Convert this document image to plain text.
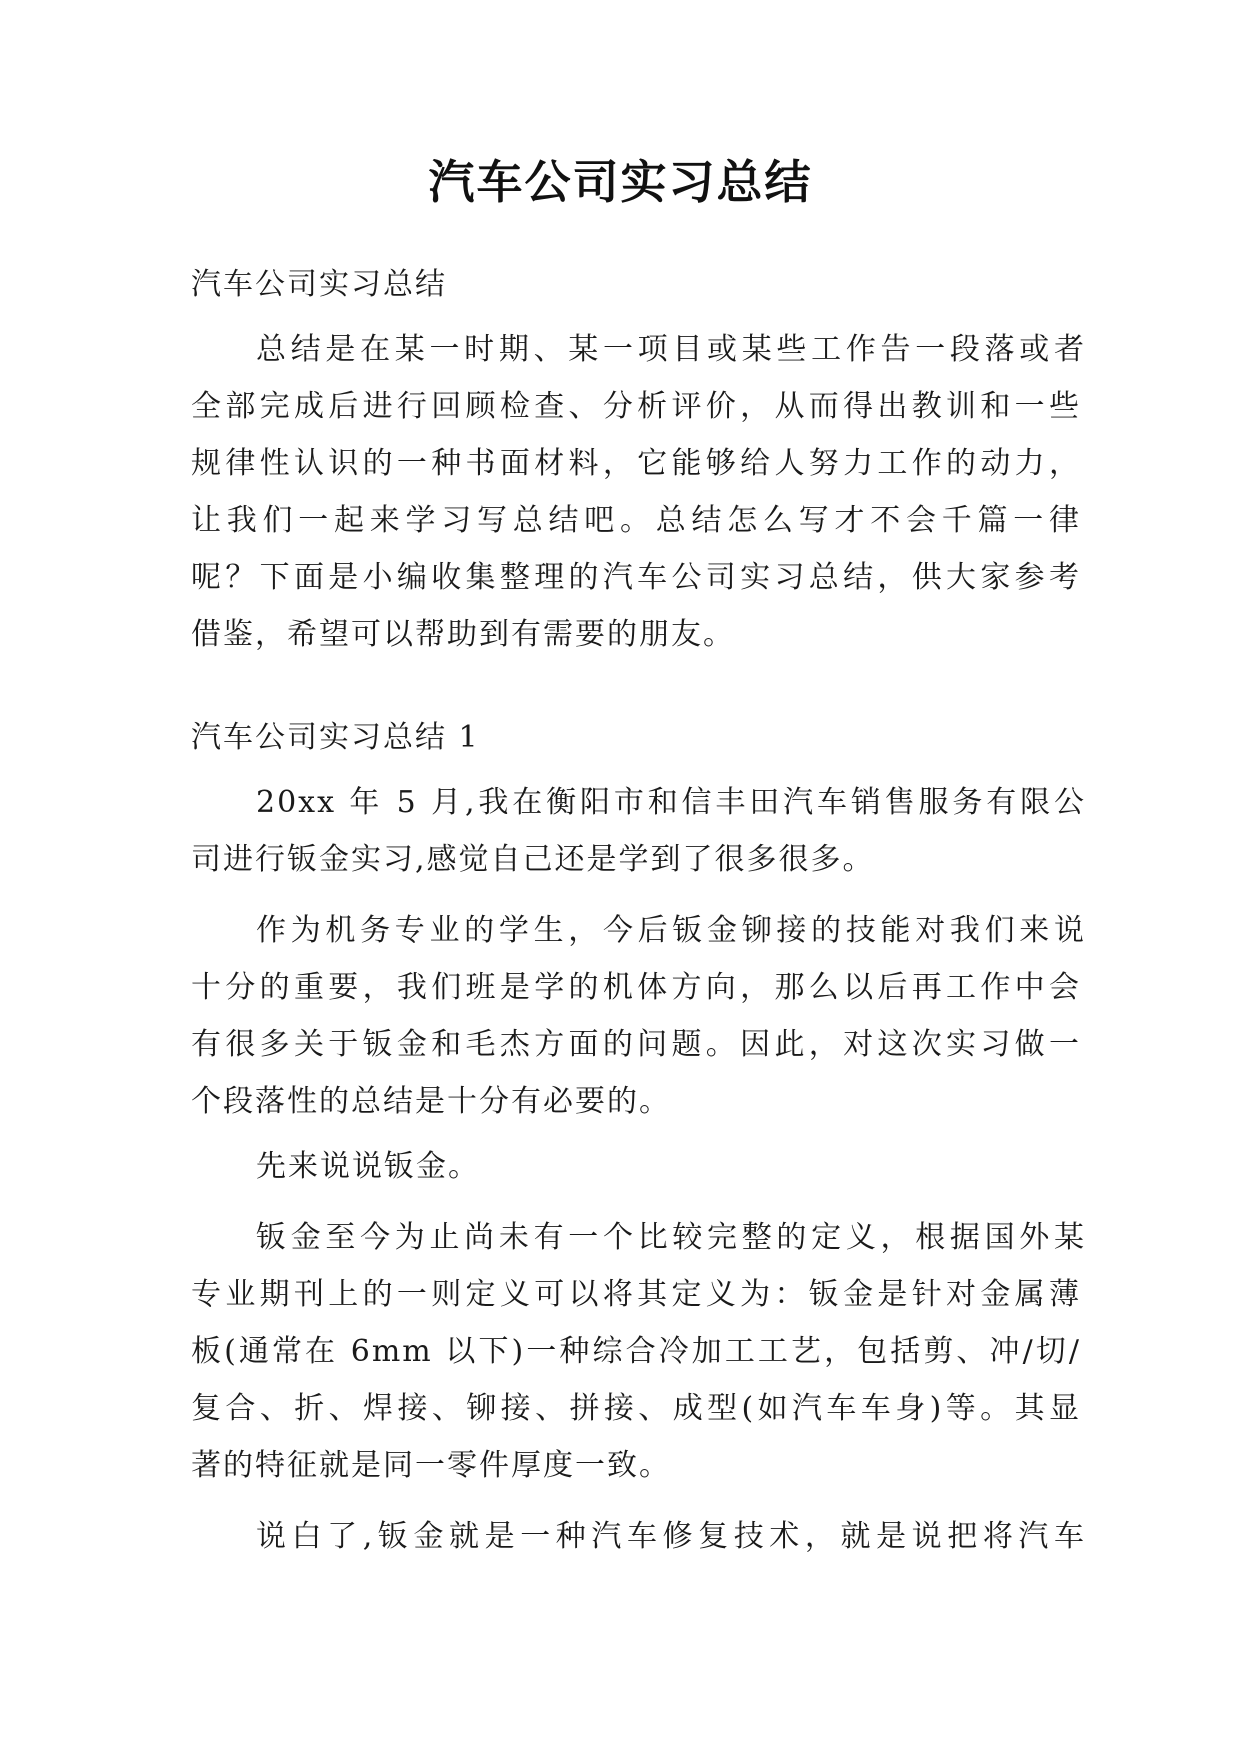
汽车公司实习总结

汽车公司实习总结

总结是在某一时期、某一项目或某些工作告一段落或者

全部完成后进行回顾检查、分析评价，从而得出教训和一些

规律性认识的一种书面材料，它能够给人努力工作的动力，

让我们一起来学习写总结吧。总结怎么写才不会千篇一律

呢？下面是小编收集整理的汽车公司实习总结，供大家参考

借鉴，希望可以帮助到有需要的朋友。

汽车公司实习总结 1

20xx 年 5 月,我在衡阳市和信丰田汽车销售服务有限公

司进行钣金实习,感觉自己还是学到了很多很多。

作为机务专业的学生，今后钣金铆接的技能对我们来说

十分的重要，我们班是学的机体方向，那么以后再工作中会

有很多关于钣金和毛杰方面的问题。因此，对这次实习做一

个段落性的总结是十分有必要的。

先来说说钣金。

钣金至今为止尚未有一个比较完整的定义，根据国外某

专业期刊上的一则定义可以将其定义为：钣金是针对金属薄

板(通常在 6mm 以下)一种综合冷加工工艺，包括剪、冲/切/

复合、折、焊接、铆接、拼接、成型(如汽车车身)等。其显

著的特征就是同一零件厚度一致。

说白了,钣金就是一种汽车修复技术，就是说把将汽车
